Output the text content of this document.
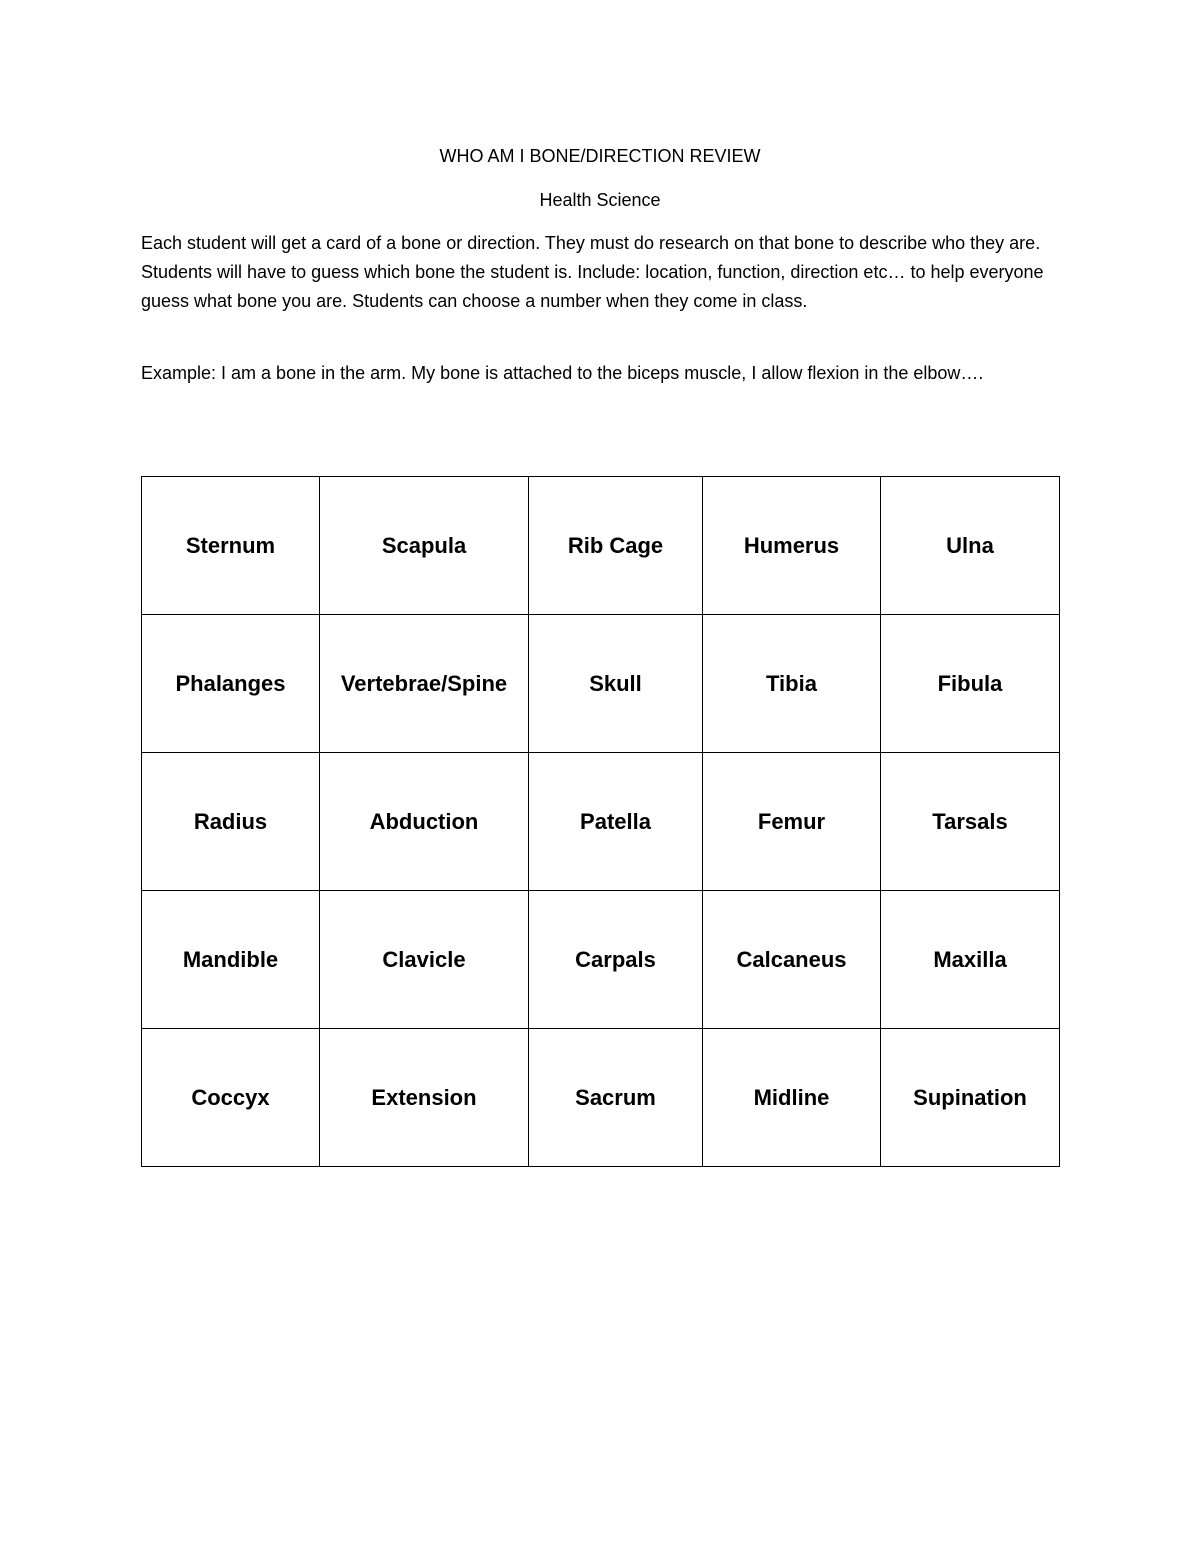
WHO AM I BONE/DIRECTION REVIEW
Health Science

Each student will get a card of a bone or direction. They must do research on that bone to describe who they are. Students will have to guess which bone the student is. Include: location, function, direction etc… to help everyone guess what bone you are. Students can choose a number when they come in class.

Example: I am a bone in the arm. My bone is attached to the biceps muscle, I allow flexion in the elbow….

Sternum	Scapula	Rib Cage	Humerus	Ulna
Phalanges	Vertebrae/Spine	Skull	Tibia	Fibula
Radius	Abduction	Patella	Femur	Tarsals
Mandible	Clavicle	Carpals	Calcaneus	Maxilla
Coccyx	Extension	Sacrum	Midline	Supination
